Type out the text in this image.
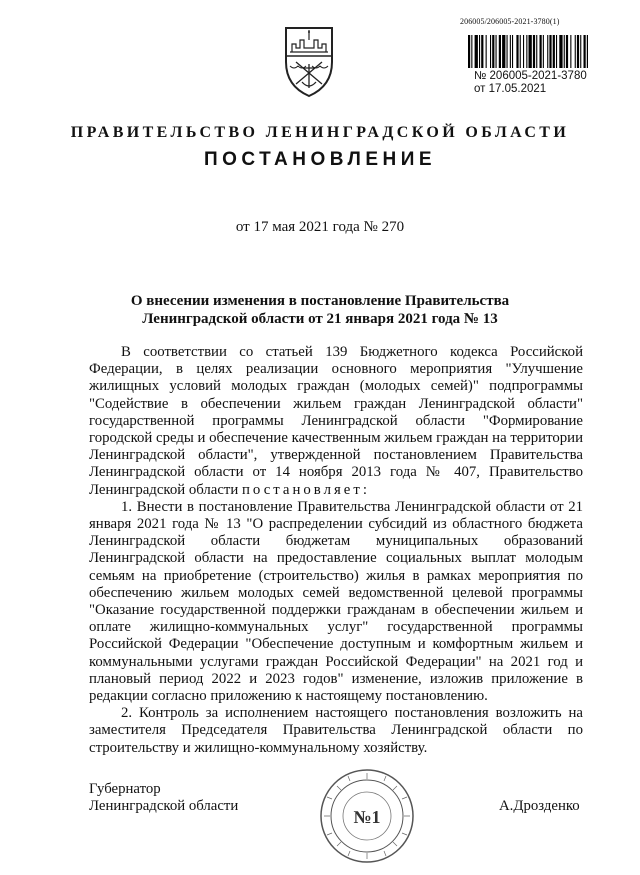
206005/206005-2021-3780(1)
№ 206005-2021-3780
от 17.05.2021
ПРАВИТЕЛЬСТВО ЛЕНИНГРАДСКОЙ ОБЛАСТИ
ПОСТАНОВЛЕНИЕ
от 17 мая 2021 года № 270
О внесении изменения в постановление Правительства
Ленинградской области от 21 января 2021 года № 13

В соответствии со статьей 139 Бюджетного кодекса Российской Федерации, в целях реализации основного мероприятия "Улучшение жилищных условий молодых граждан (молодых семей)" подпрограммы "Содействие в обеспечении жильем граждан Ленинградской области" государственной программы Ленинградской области "Формирование городской среды и обеспечение качественным жильем граждан на территории Ленинградской области", утвержденной постановлением Правительства Ленинградской области от 14 ноября 2013 года № 407, Правительство Ленинградской области постановляет:

1. Внести в постановление Правительства Ленинградской области от 21 января 2021 года № 13 "О распределении субсидий из областного бюджета Ленинградской области бюджетам муниципальных образований Ленинградской области на предоставление социальных выплат молодым семьям на приобретение (строительство) жилья в рамках мероприятия по обеспечению жильем молодых семей ведомственной целевой программы "Оказание государственной поддержки гражданам в обеспечении жильем и оплате жилищно-коммунальных услуг" государственной программы Российской Федерации "Обеспечение доступным и комфортным жильем и коммунальными услугами граждан Российской Федерации" на 2021 год и плановый период 2022 и 2023 годов" изменение, изложив приложение в редакции согласно приложению к настоящему постановлению.

2. Контроль за исполнением настоящего постановления возложить на заместителя Председателя Правительства Ленинградской области по строительству и жилищно-коммунальному хозяйству.

Губернатор
Ленинградской области
№1
А.Дрозденко
